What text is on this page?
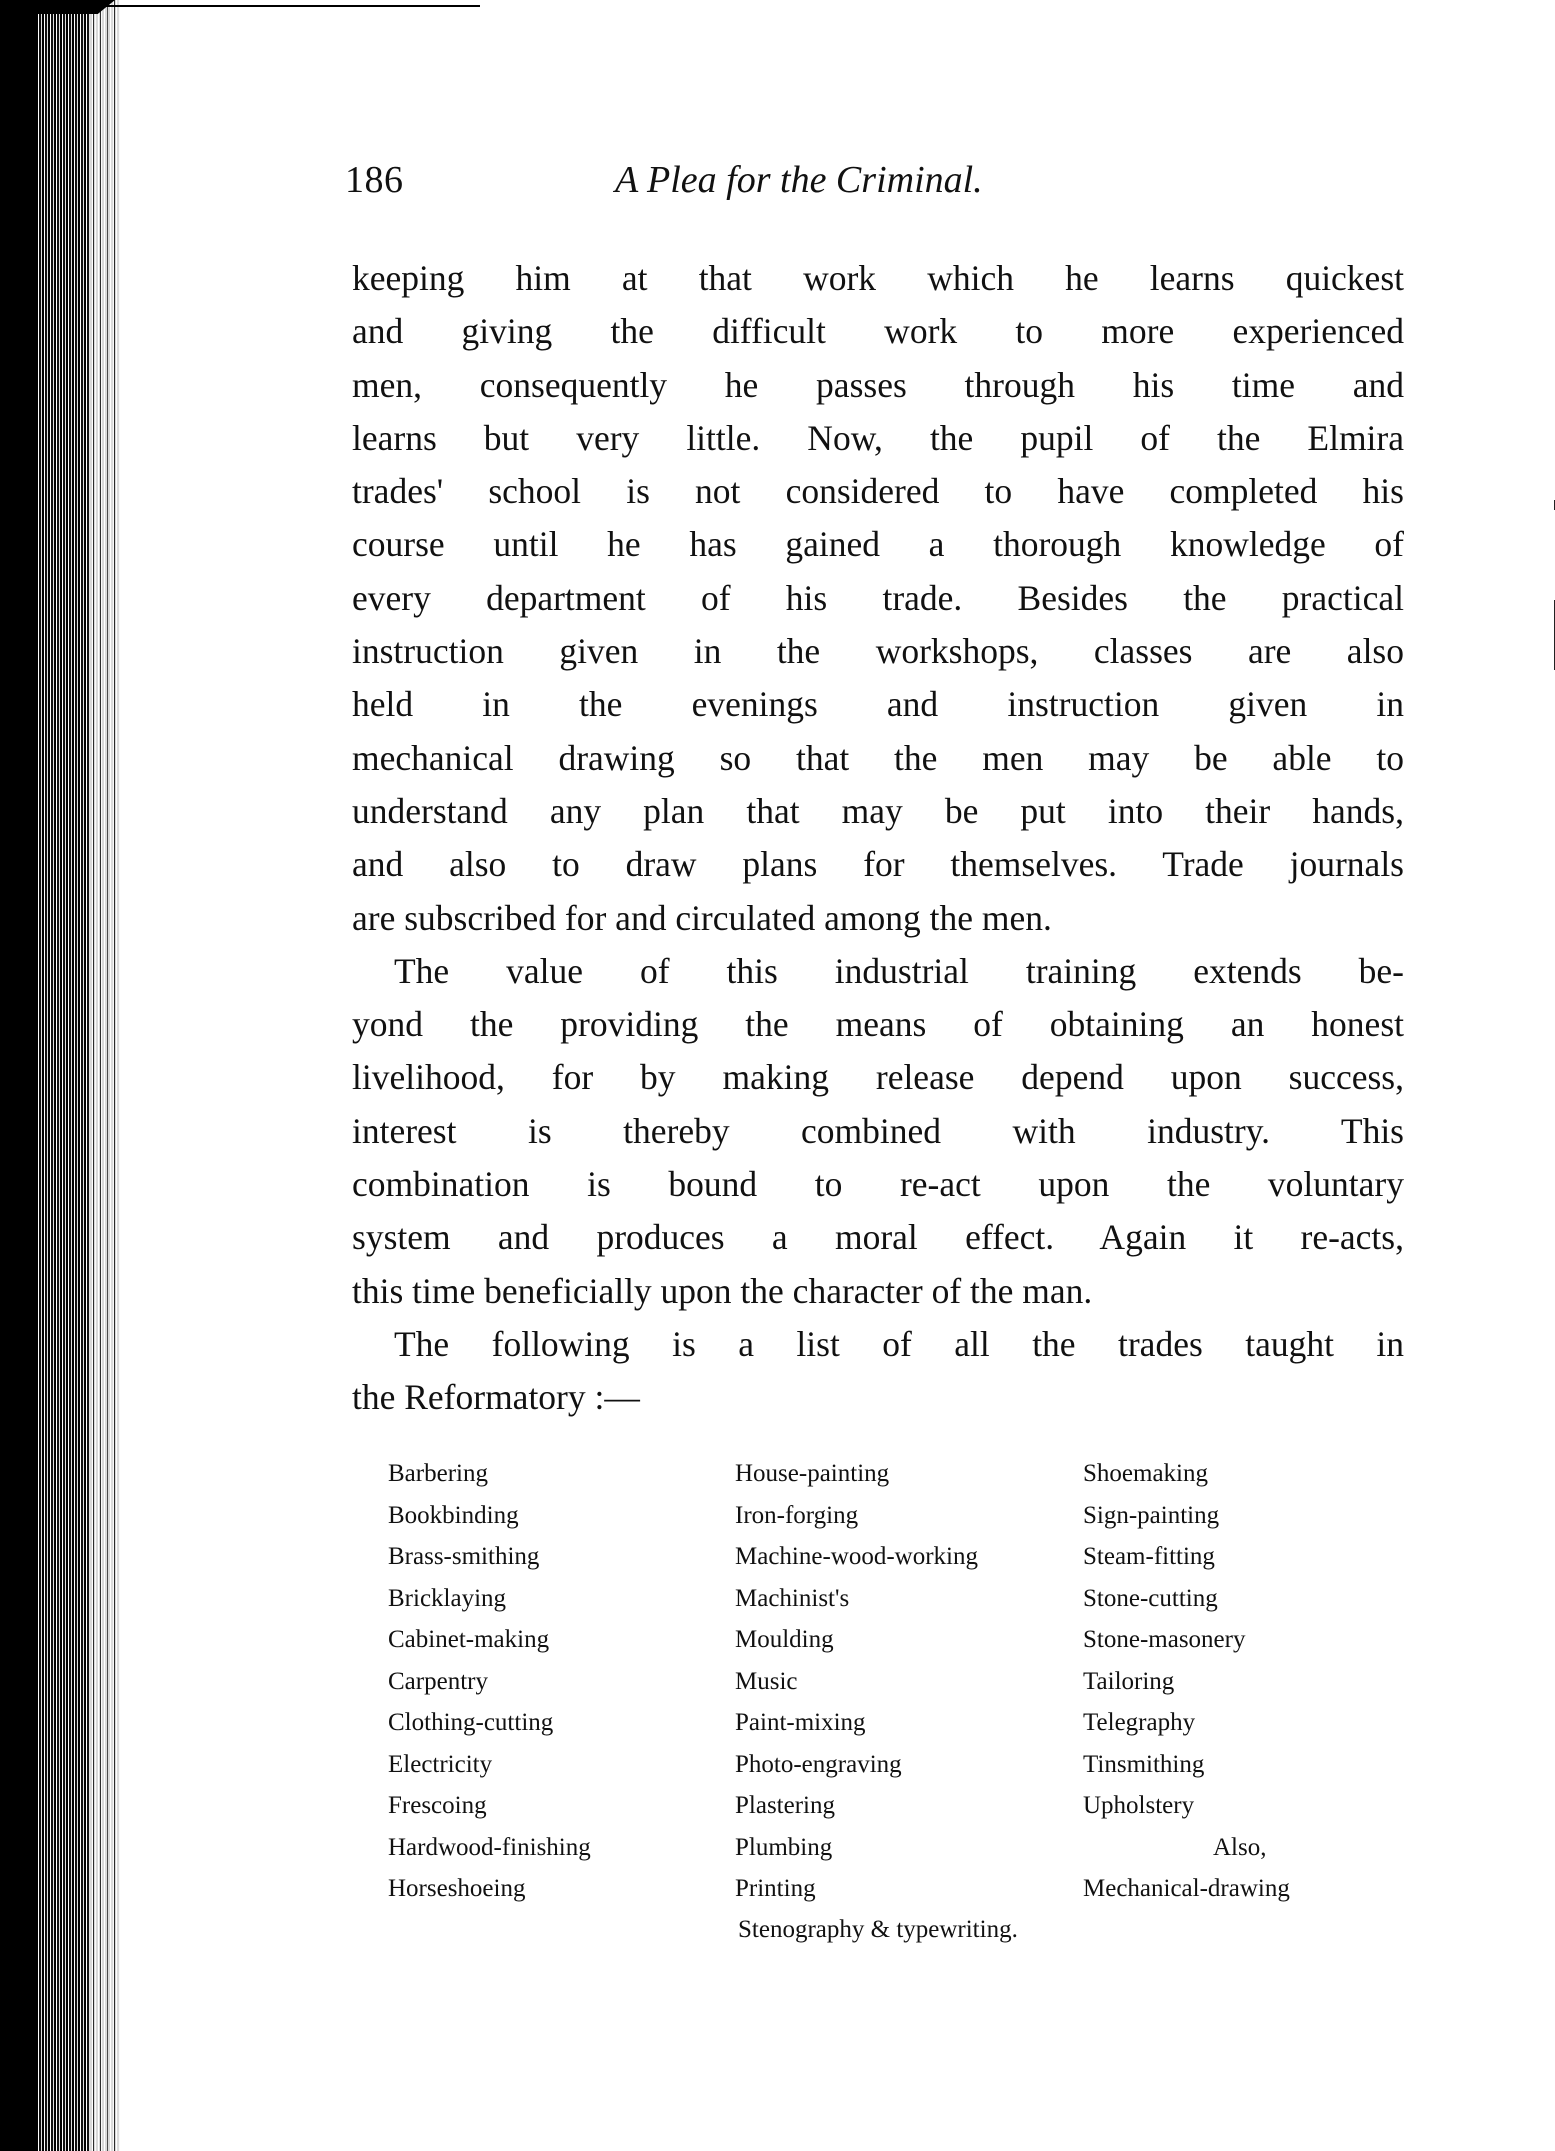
186	A Plea for the Criminal.
keeping him at that work which he learns quickest
and giving the difficult work to more experienced
men, consequently he passes through his time and
learns but very little. Now, the pupil of the Elmira
trades' school is not considered to have completed his
course until he has gained a thorough knowledge of
every department of his trade. Besides the practical
instruction given in the workshops, classes are also
held in the evenings and instruction given in
mechanical drawing so that the men may be able to
understand any plan that may be put into their hands,
and also to draw plans for themselves. Trade journals
are subscribed for and circulated among the men.
The value of this industrial training extends be-
yond the providing the means of obtaining an honest
livelihood, for by making release depend upon success,
interest is thereby combined with industry. This
combination is bound to re-act upon the voluntary
system and produces a moral effect. Again it re-acts,
this time beneficially upon the character of the man.
The following is a list of all the trades taught in
the Reformatory :—
Barbering
Bookbinding
Brass-smithing
Bricklaying
Cabinet-making
Carpentry
Clothing-cutting
Electricity
Frescoing
Hardwood-finishing
Horseshoeing
House-painting
Iron-forging
Machine-wood-working
Machinist's
Moulding
Music
Paint-mixing
Photo-engraving
Plastering
Plumbing
Printing
Shoemaking
Sign-painting
Steam-fitting
Stone-cutting
Stone-masonery
Tailoring
Telegraphy
Tinsmithing
Upholstery
Also,
Mechanical-drawing
Stenography & typewriting.
